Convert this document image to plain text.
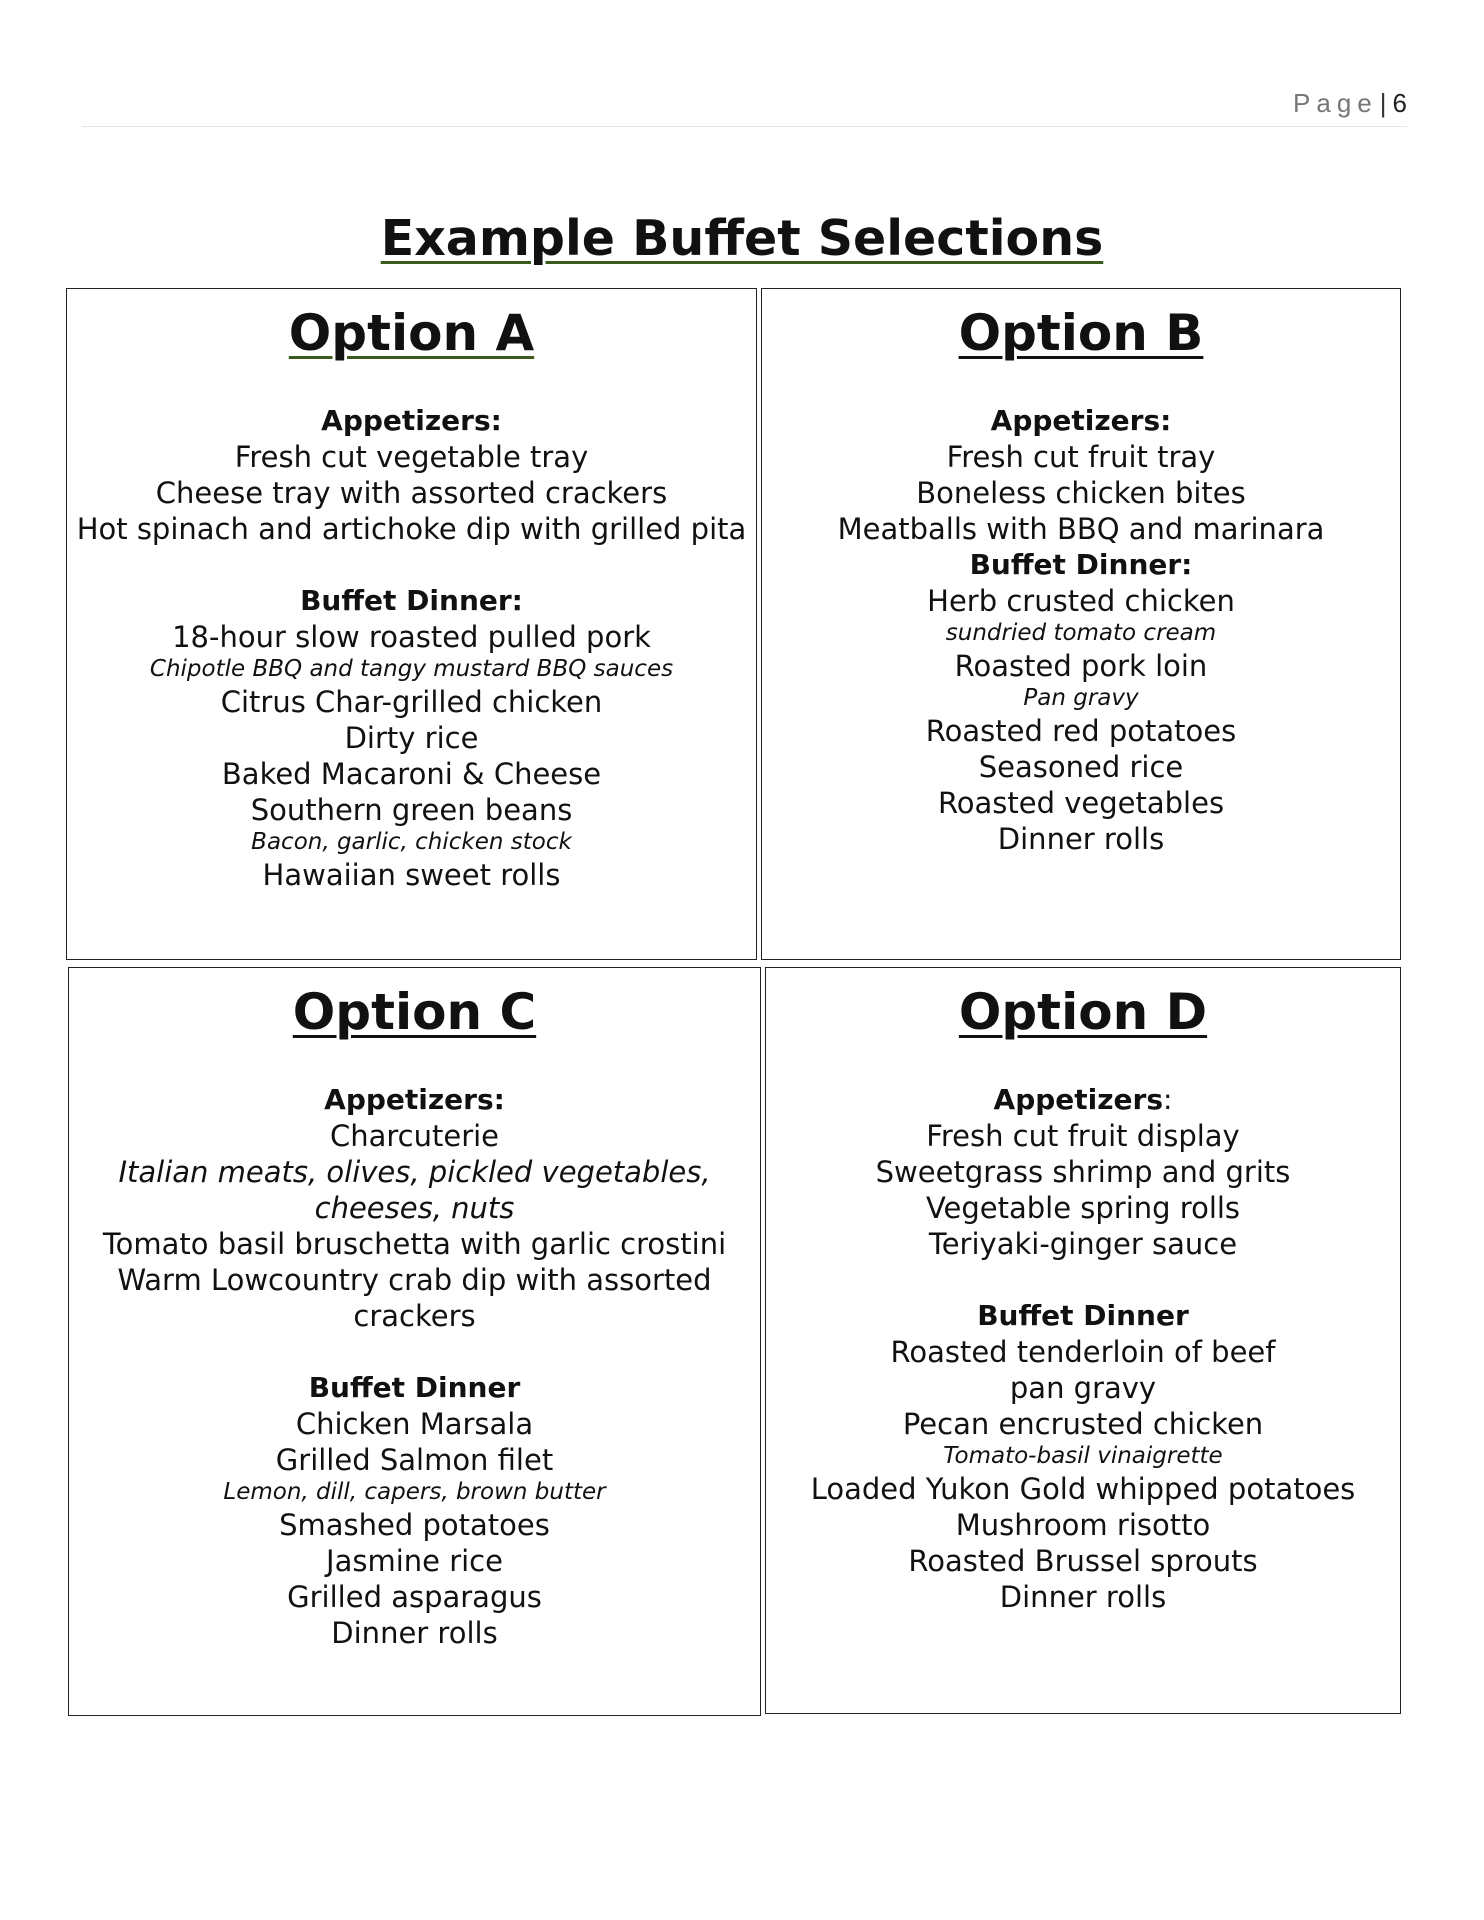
Page| 6
Example Buffet Selections
Option A
Appetizers:
Fresh cut vegetable tray
Cheese tray with assorted crackers
Hot spinach and artichoke dip with grilled pita
Buffet Dinner:
18-hour slow roasted pulled pork
Chipotle BBQ and tangy mustard BBQ sauces
Citrus Char-grilled chicken
Dirty rice
Baked Macaroni & Cheese
Southern green beans
Bacon, garlic, chicken stock
Hawaiian sweet rolls
Option B
Appetizers:
Fresh cut fruit tray
Boneless chicken bites
Meatballs with BBQ and marinara
Buffet Dinner:
Herb crusted chicken
sundried tomato cream
Roasted pork loin
Pan gravy
Roasted red potatoes
Seasoned rice
Roasted vegetables
Dinner rolls
Option C
Appetizers:
Charcuterie
Italian meats, olives, pickled vegetables, cheeses, nuts
Tomato basil bruschetta with garlic crostini
Warm Lowcountry crab dip with assorted crackers
Buffet Dinner
Chicken Marsala
Grilled Salmon filet
Lemon, dill, capers, brown butter
Smashed potatoes
Jasmine rice
Grilled asparagus
Dinner rolls
Option D
Appetizers:
Fresh cut fruit display
Sweetgrass shrimp and grits
Vegetable spring rolls
Teriyaki-ginger sauce
Buffet Dinner
Roasted tenderloin of beef
pan gravy
Pecan encrusted chicken
Tomato-basil vinaigrette
Loaded Yukon Gold whipped potatoes
Mushroom risotto
Roasted Brussel sprouts
Dinner rolls
